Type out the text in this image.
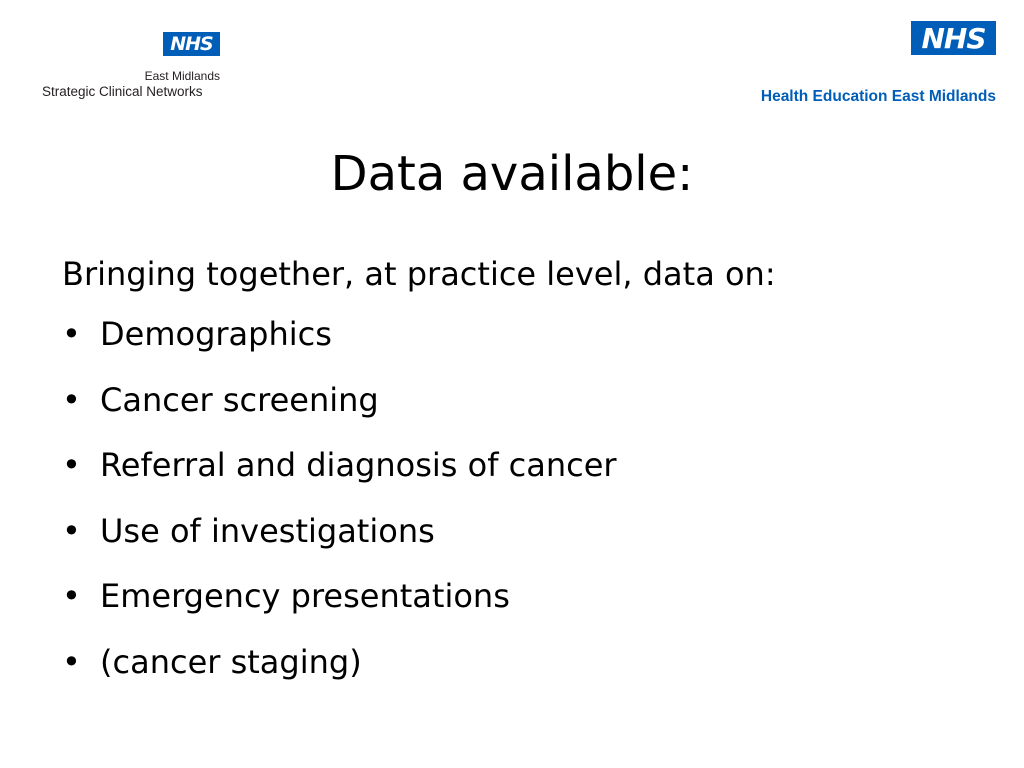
NHS
East Midlands
Strategic Clinical Networks
NHS
Health Education East Midlands
Data available:
Bringing together, at practice level, data on:
• Demographics
• Cancer screening
• Referral and diagnosis of cancer
• Use of investigations
• Emergency presentations
• (cancer staging)
